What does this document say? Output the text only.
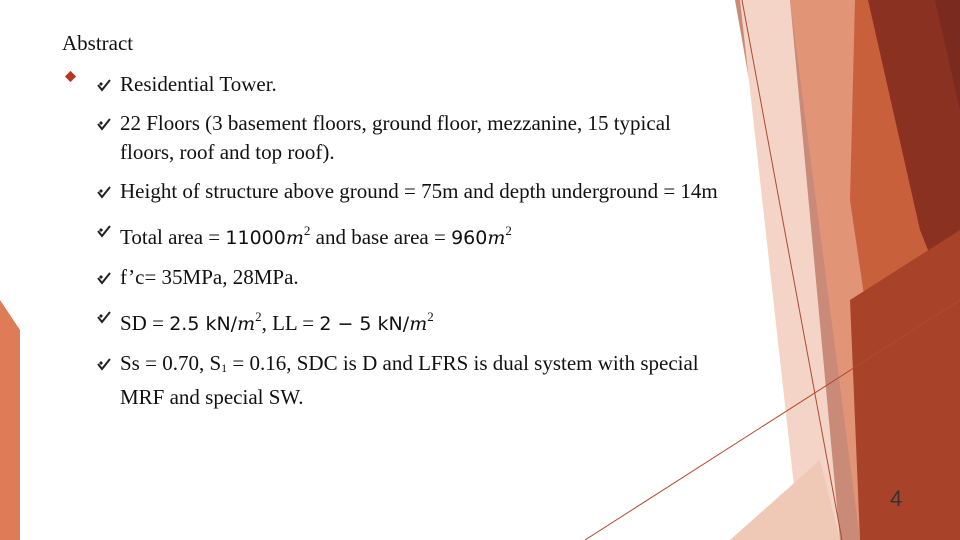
Abstract
Residential Tower.
22 Floors (3 basement floors, ground floor, mezzanine, 15 typical floors, roof and top roof).
Height of structure above ground = 75m and depth underground = 14m
Total area = $11000m^2$ and base area = $960m^2$
f’c= 35MPa, 28MPa.
SD = 2.5 $kN/m^2$, LL = 2 − 5 $kN/m^2$
Ss = 0.70, S1 = 0.16, SDC is D and LFRS is dual system with special MRF and special SW.
4
